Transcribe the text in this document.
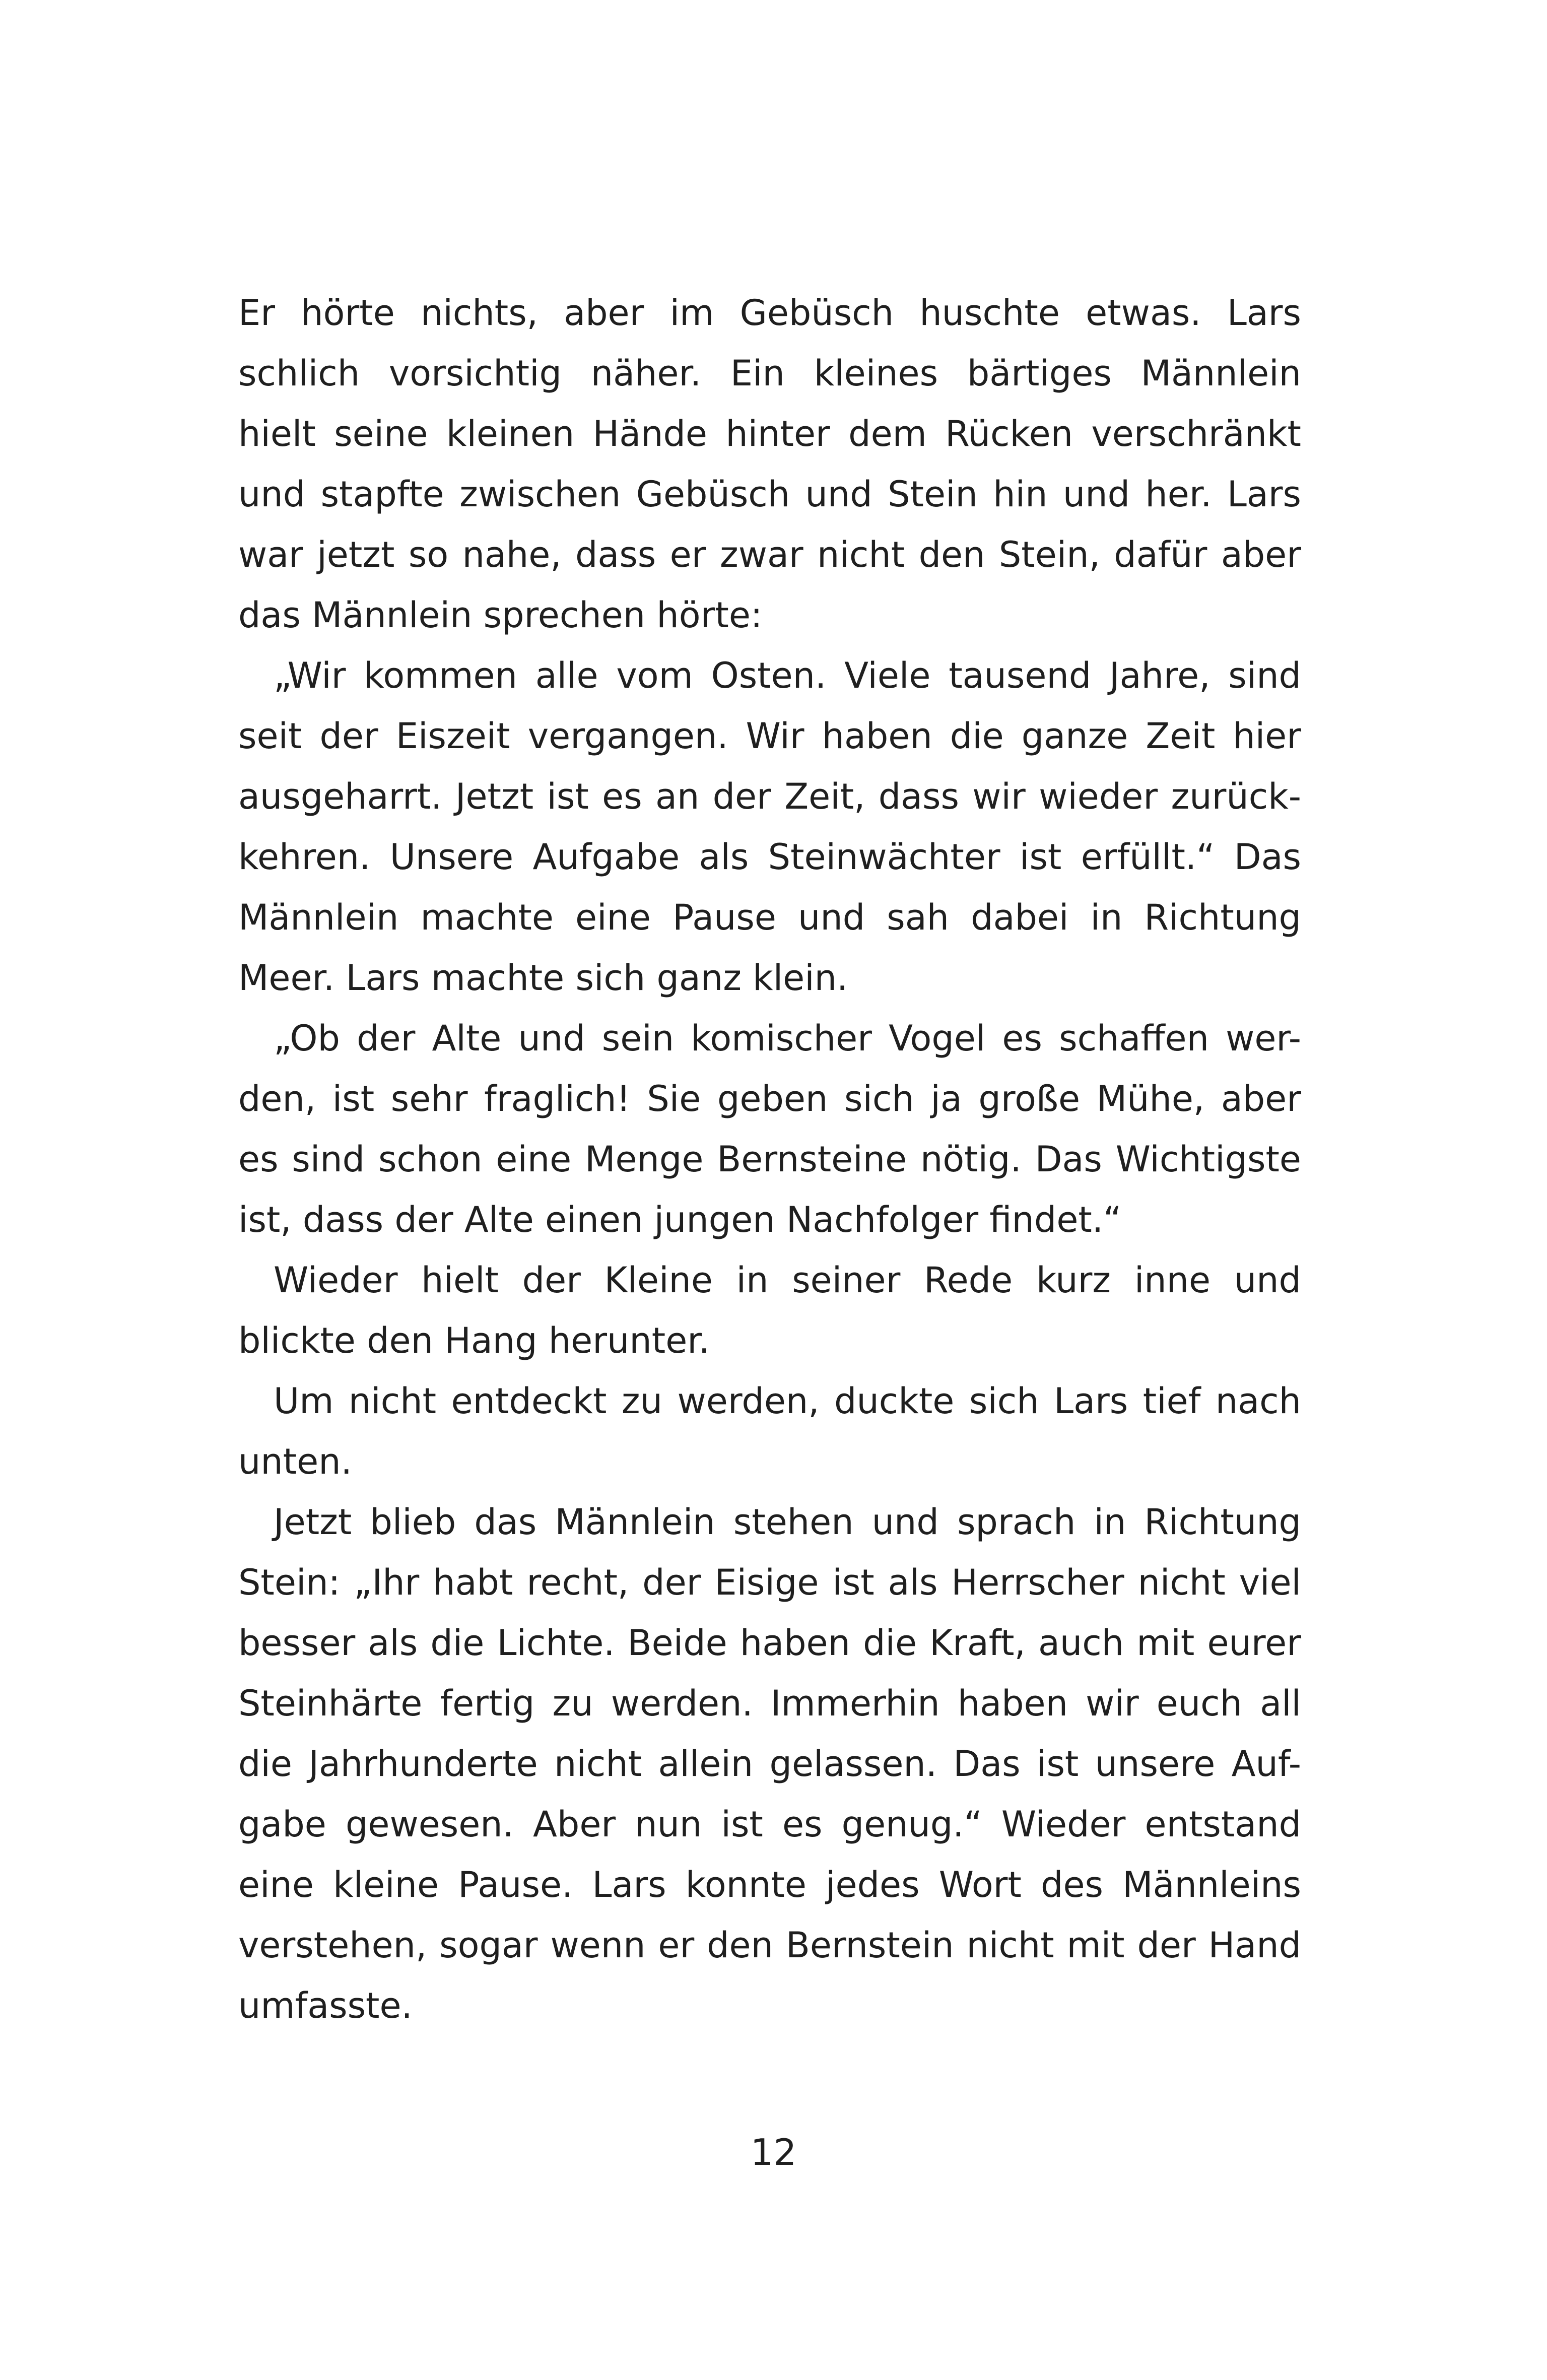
Er hörte nichts, aber im Gebüsch huschte etwas. Lars
schlich vorsichtig näher. Ein kleines bärtiges Männlein
hielt seine kleinen Hände hinter dem Rücken verschränkt
und stapfte zwischen Gebüsch und Stein hin und her. Lars
war jetzt so nahe, dass er zwar nicht den Stein, dafür aber
das Männlein sprechen hörte:
„Wir kommen alle vom Osten. Viele tausend Jahre, sind
seit der Eiszeit vergangen. Wir haben die ganze Zeit hier
ausgeharrt. Jetzt ist es an der Zeit, dass wir wieder zurück-
kehren. Unsere Aufgabe als Steinwächter ist erfüllt.“ Das
Männlein machte eine Pause und sah dabei in Richtung
Meer. Lars machte sich ganz klein.
„Ob der Alte und sein komischer Vogel es schaffen wer-
den, ist sehr fraglich! Sie geben sich ja große Mühe, aber
es sind schon eine Menge Bernsteine nötig. Das Wichtigste
ist, dass der Alte einen jungen Nachfolger findet.“
Wieder hielt der Kleine in seiner Rede kurz inne und
blickte den Hang herunter.
Um nicht entdeckt zu werden, duckte sich Lars tief nach
unten.
Jetzt blieb das Männlein stehen und sprach in Richtung
Stein: „Ihr habt recht, der Eisige ist als Herrscher nicht viel
besser als die Lichte. Beide haben die Kraft, auch mit eurer
Steinhärte fertig zu werden. Immerhin haben wir euch all
die Jahrhunderte nicht allein gelassen. Das ist unsere Auf-
gabe gewesen. Aber nun ist es genug.“ Wieder entstand
eine kleine Pause. Lars konnte jedes Wort des Männleins
verstehen, sogar wenn er den Bernstein nicht mit der Hand
umfasste.
12
